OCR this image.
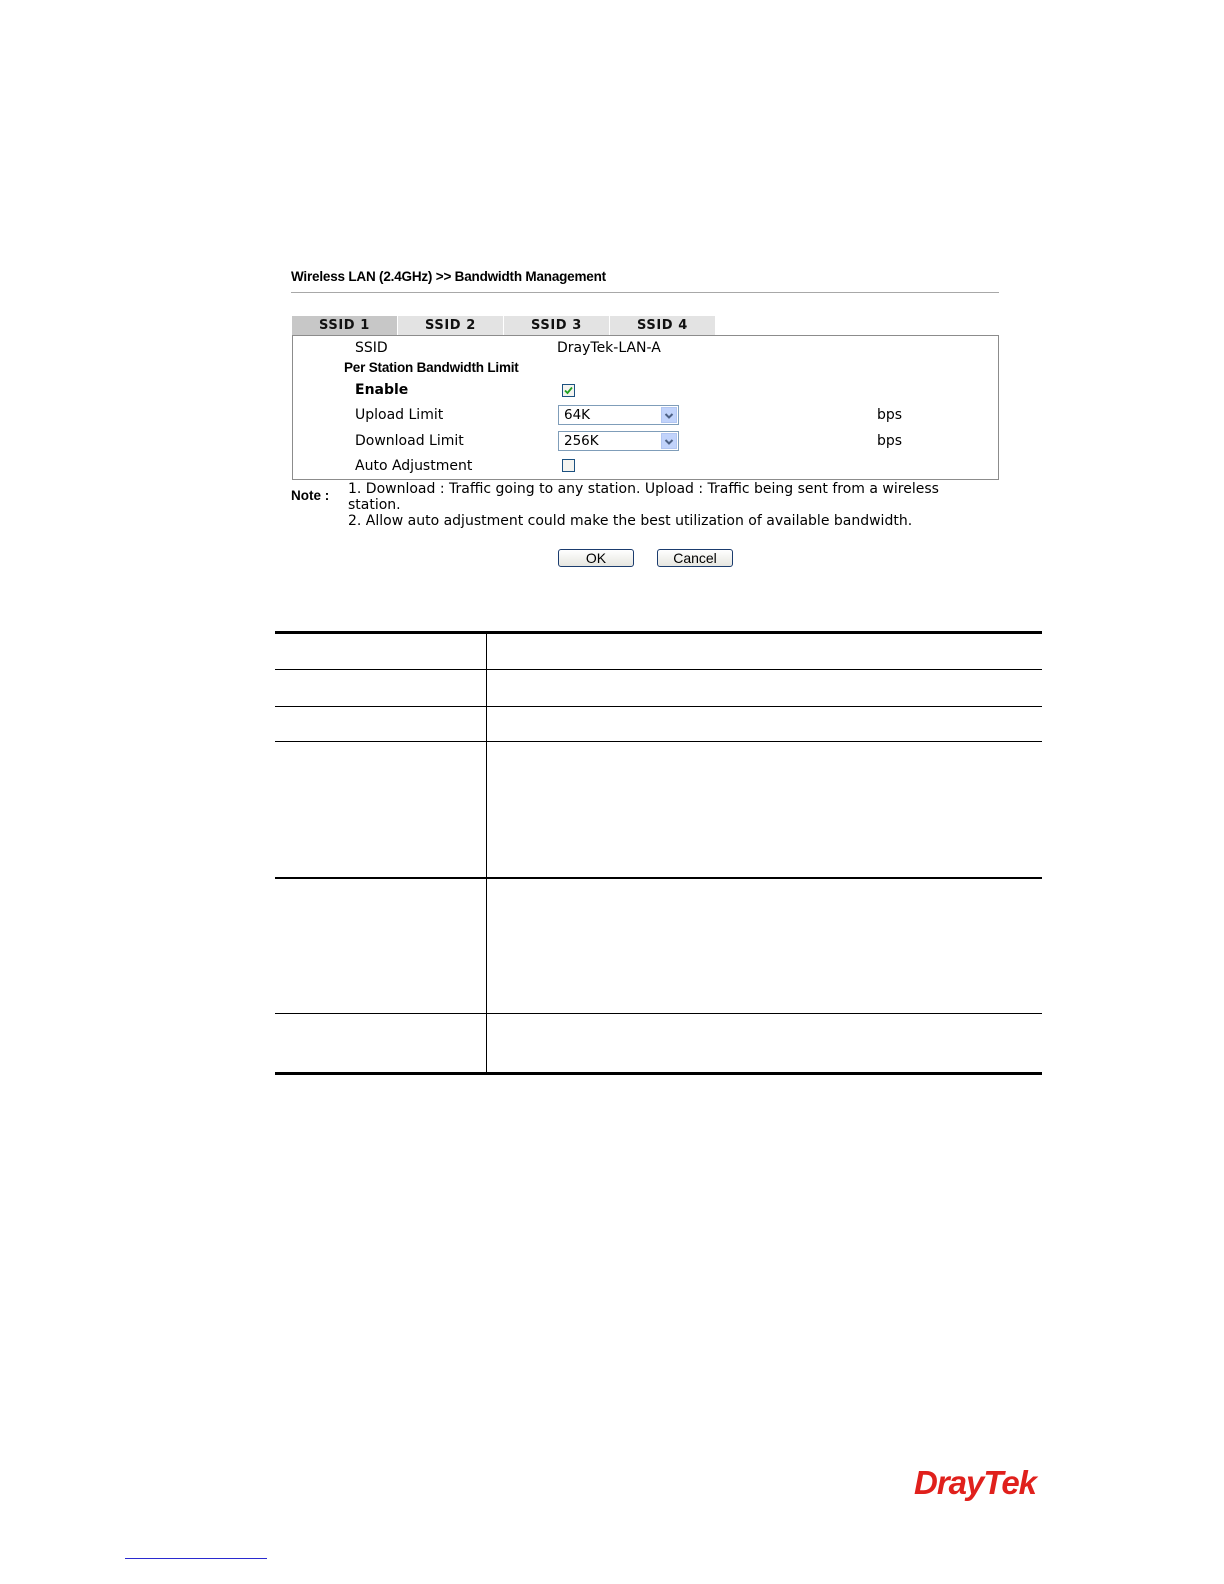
Wireless LAN (2.4GHz) >> Bandwidth Management
SSID 1	SSID 2	SSID 3	SSID 4
SSID	DrayTek-LAN-A
Per Station Bandwidth Limit
Enable
Upload Limit	64K	bps
Download Limit	256K	bps
Auto Adjustment
Note : 1. Download : Traffic going to any station. Upload : Traffic being sent from a wireless station.
2. Allow auto adjustment could make the best utilization of available bandwidth.
OK	Cancel
DrayTek
